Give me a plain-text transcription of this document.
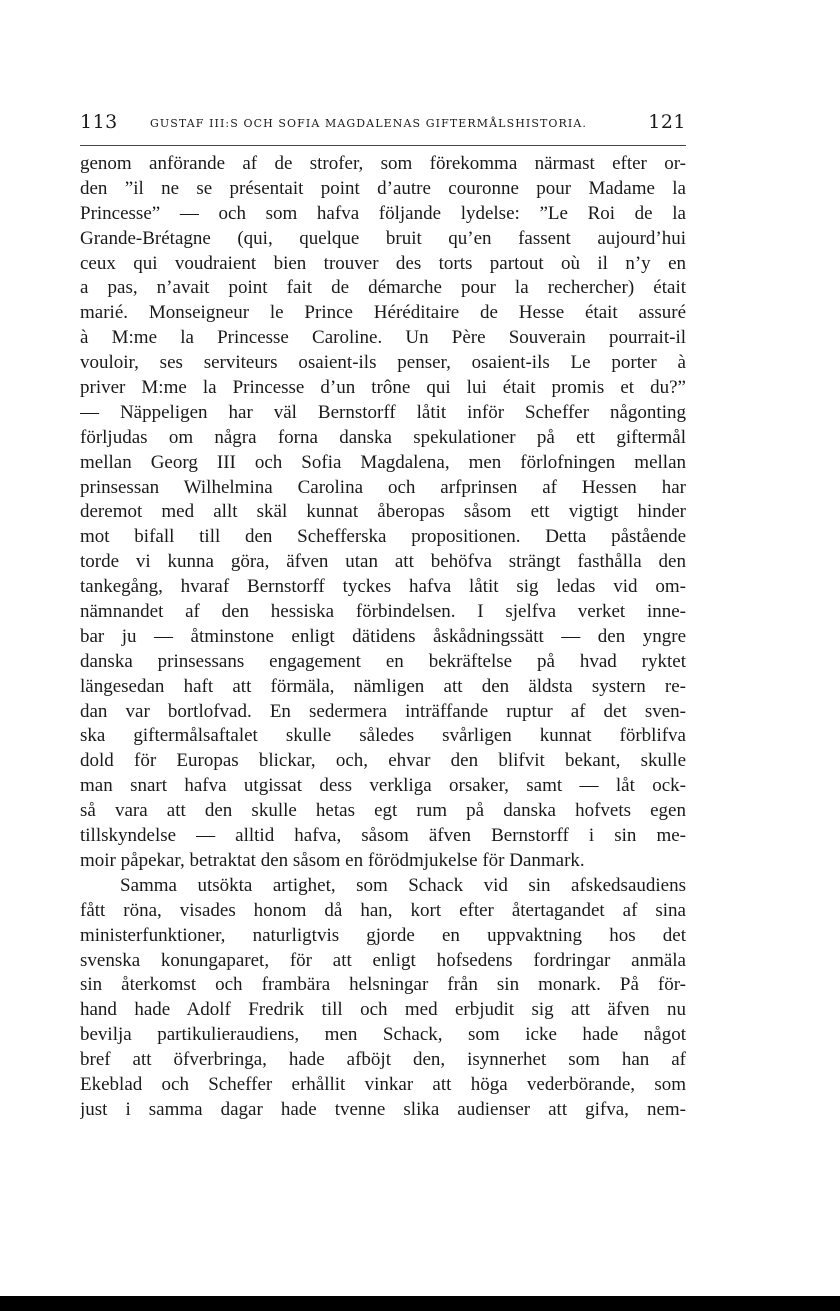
113	GUSTAF III:S OCH SOFIA MAGDALENAS GIFTERMÅLSHISTORIA.	121
genom anförande af de strofer, som förekomma närmast efter or-
den ”il ne se présentait point d’autre couronne pour Madame la
Princesse” — och som hafva följande lydelse: ”Le Roi de la
Grande-Brétagne (qui, quelque bruit qu’en fassent aujourd’hui
ceux qui voudraient bien trouver des torts partout où il n’y en
a pas, n’avait point fait de démarche pour la rechercher) était
marié. Monseigneur le Prince Héréditaire de Hesse était assuré
à M:me la Princesse Caroline. Un Père Souverain pourrait-il
vouloir, ses serviteurs osaient-ils penser, osaient-ils Le porter à
priver M:me la Princesse d’un trône qui lui était promis et du?”
— Näppeligen har väl Bernstorff låtit inför Scheffer någonting
förljudas om några forna danska spekulationer på ett giftermål
mellan Georg III och Sofia Magdalena, men förlofningen mellan
prinsessan Wilhelmina Carolina och arfprinsen af Hessen har
deremot med allt skäl kunnat åberopas såsom ett vigtigt hinder
mot bifall till den Schefferska propositionen. Detta påstående
torde vi kunna göra, äfven utan att behöfva strängt fasthålla den
tankegång, hvaraf Bernstorff tyckes hafva låtit sig ledas vid om-
nämnandet af den hessiska förbindelsen. I sjelfva verket inne-
bar ju — åtminstone enligt dätidens åskådningssätt — den yngre
danska prinsessans engagement en bekräftelse på hvad ryktet
längesedan haft att förmäla, nämligen att den äldsta systern re-
dan var bortlofvad. En sedermera inträffande ruptur af det sven-
ska giftermålsaftalet skulle således svårligen kunnat förblifva
dold för Europas blickar, och, ehvar den blifvit bekant, skulle
man snart hafva utgissat dess verkliga orsaker, samt — låt ock-
så vara att den skulle hetas egt rum på danska hofvets egen
tillskyndelse — alltid hafva, såsom äfven Bernstorff i sin me-
moir påpekar, betraktat den såsom en förödmjukelse för Danmark.
Samma utsökta artighet, som Schack vid sin afskedsaudiens
fått röna, visades honom då han, kort efter återtagandet af sina
ministerfunktioner, naturligtvis gjorde en uppvaktning hos det
svenska konungaparet, för att enligt hofsedens fordringar anmäla
sin återkomst och frambära helsningar från sin monark. På för-
hand hade Adolf Fredrik till och med erbjudit sig att äfven nu
bevilja partikulieraudiens, men Schack, som icke hade något
bref att öfverbringa, hade afböjt den, isynnerhet som han af
Ekeblad och Scheffer erhållit vinkar att höga vederbörande, som
just i samma dagar hade tvenne slika audienser att gifva, nem-
